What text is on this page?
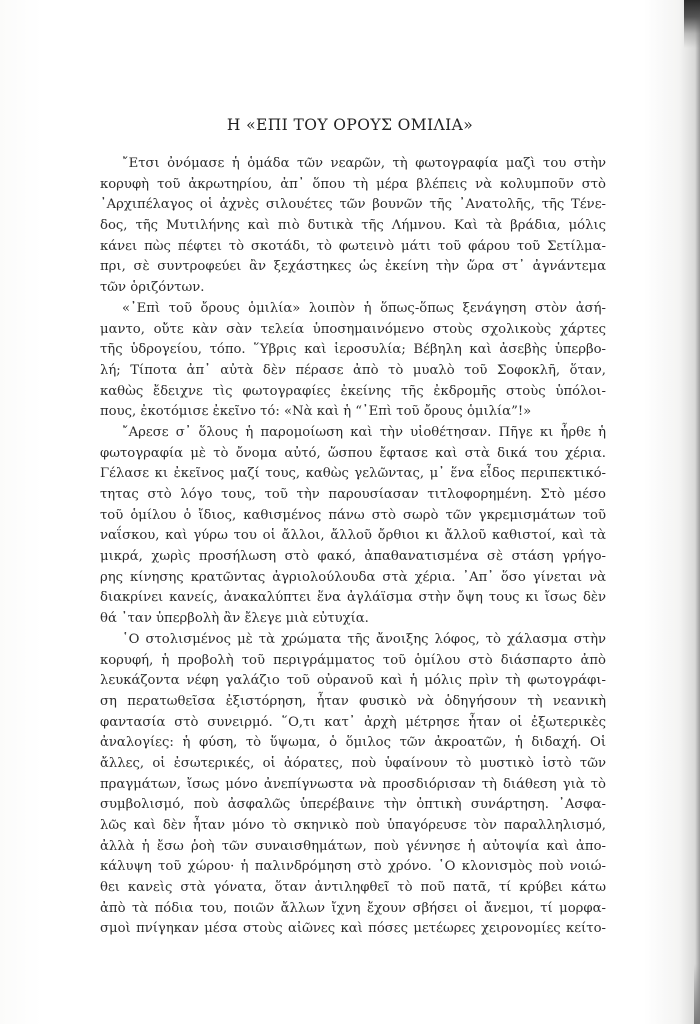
Η «ΕΠΙ ΤΟΥ ΟΡΟΥΣ ΟΜΙΛΙΑ»
῎Ετσι ὀνόμασε ἡ ὁμάδα τῶν νεαρῶν, τὴ φωτογραφία μαζὶ του στὴν
κορυφὴ τοῦ ἀκρωτηρίου, ἀπ᾿ ὅπου τὴ μέρα βλέπεις νὰ κολυμποῦν στὸ
᾿Αρχιπέλαγος οἱ ἀχνὲς σιλουέτες τῶν βουνῶν τῆς ᾿Ανατολῆς, τῆς Τένε-
δος, τῆς Μυτιλήνης καὶ πιὸ δυτικὰ τῆς Λήμνου. Καὶ τὰ βράδια, μόλις
κάνει πὼς πέφτει τὸ σκοτάδι, τὸ φωτεινὸ μάτι τοῦ φάρου τοῦ Σετίλμα-
πρι, σὲ συντροφεύει ἂν ξεχάστηκες ὡς ἐκείνη τὴν ὥρα στ᾿ ἀγνάντεμα
τῶν ὁριζόντων.
«᾿Επὶ τοῦ ὄρους ὁμιλία» λοιπὸν ἡ ὅπως-ὅπως ξενάγηση στὸν ἀσή-
μαντο, οὔτε κὰν σὰν τελεία ὑποσημαινόμενο στοὺς σχολικοὺς χάρτες
τῆς ὑδρογείου, τόπο. ῞Υβρις καὶ ἱεροσυλία; Βέβηλη καὶ ἀσεβὴς ὑπερβο-
λή; Τίποτα ἀπ᾿ αὐτὰ δὲν πέρασε ἀπὸ τὸ μυαλὸ τοῦ Σοφοκλῆ, ὅταν,
καθὼς ἔδειχνε τὶς φωτογραφίες ἐκείνης τῆς ἐκδρομῆς στοὺς ὑπόλοι-
πους, ἐκοτόμισε ἐκεῖνο τό: «Νὰ καὶ ἡ “᾿Επὶ τοῦ ὄρους ὁμιλία”!»
῎Αρεσε σ᾿ ὅλους ἡ παρομοίωση καὶ τὴν υἱοθέτησαν. Πῆγε κι ἦρθε ἡ
φωτογραφία μὲ τὸ ὄνομα αὐτό, ὥσπου ἔφτασε καὶ στὰ δικά του χέρια.
Γέλασε κι ἐκεῖνος μαζί τους, καθὼς γελῶντας, μ᾿ ἕνα εἶδος περιπεκτικό-
τητας στὸ λόγο τους, τοῦ τὴν παρουσίασαν τιτλοφορημένη. Στὸ μέσο
τοῦ ὁμίλου ὁ ἴδιος, καθισμένος πάνω στὸ σωρὸ τῶν γκρεμισμάτων τοῦ
ναΐσκου, καὶ γύρω του οἱ ἄλλοι, ἄλλοῦ ὄρθιοι κι ἄλλοῦ καθιστοί, καὶ τὰ
μικρά, χωρὶς προσήλωση στὸ φακό, ἀπαθανατισμένα σὲ στάση γρήγο-
ρης κίνησης κρατῶντας ἀγριολούλουδα στὰ χέρια. ᾿Απ᾿ ὅσο γίνεται νὰ
διακρίνει κανείς, ἀνακαλύπτει ἕνα ἀγλάϊσμα στὴν ὄψη τους κι ἴσως δὲν
θά ᾿ταν ὑπερβολὴ ἂν ἔλεγε μιὰ εὐτυχία.
῾Ο στολισμένος μὲ τὰ χρώματα τῆς ἄνοιξης λόφος, τὸ χάλασμα στὴν
κορυφή, ἡ προβολὴ τοῦ περιγράμματος τοῦ ὁμίλου στὸ διάσπαρτο ἀπὸ
λευκάζοντα νέφη γαλάζιο τοῦ οὐρανοῦ καὶ ἡ μόλις πρὶν τὴ φωτογράφι-
ση περατωθεῖσα ἐξιστόρηση, ἦταν φυσικὸ νὰ ὁδηγήσουν τὴ νεανικὴ
φαντασία στὸ συνειρμό. ῞Ο,τι κατ᾿ ἀρχὴ μέτρησε ἦταν οἱ ἐξωτερικὲς
ἀναλογίες: ἡ φύση, τὸ ὕψωμα, ὁ ὅμιλος τῶν ἀκροατῶν, ἡ διδαχή. Οἱ
ἄλλες, οἱ ἐσωτερικές, οἱ ἀόρατες, ποὺ ὑφαίνουν τὸ μυστικὸ ἱστὸ τῶν
πραγμάτων, ἴσως μόνο ἀνεπίγνωστα νὰ προσδιόρισαν τὴ διάθεση γιὰ τὸ
συμβολισμό, ποὺ ἀσφαλῶς ὑπερέβαινε τὴν ὀπτικὴ συνάρτηση. ᾿Ασφα-
λῶς καὶ δὲν ἦταν μόνο τὸ σκηνικὸ ποὺ ὑπαγόρευσε τὸν παραλληλισμό,
ἀλλὰ ἡ ἔσω ῥοὴ τῶν συναισθημάτων, ποὺ γέννησε ἡ αὐτοψία καὶ ἀπο-
κάλυψη τοῦ χώρου· ἡ παλινδρόμηση στὸ χρόνο. ῾Ο κλονισμὸς ποὺ νοιώ-
θει κανεὶς στὰ γόνατα, ὅταν ἀντιληφθεῖ τὸ ποῦ πατᾶ, τί κρύβει κάτω
ἀπὸ τὰ πόδια του, ποιῶν ἄλλων ἴχνη ἔχουν σβήσει οἱ ἄνεμοι, τί μορφα-
σμοὶ πνίγηκαν μέσα στοὺς αἰῶνες καὶ πόσες μετέωρες χειρονομίες κείτο-
